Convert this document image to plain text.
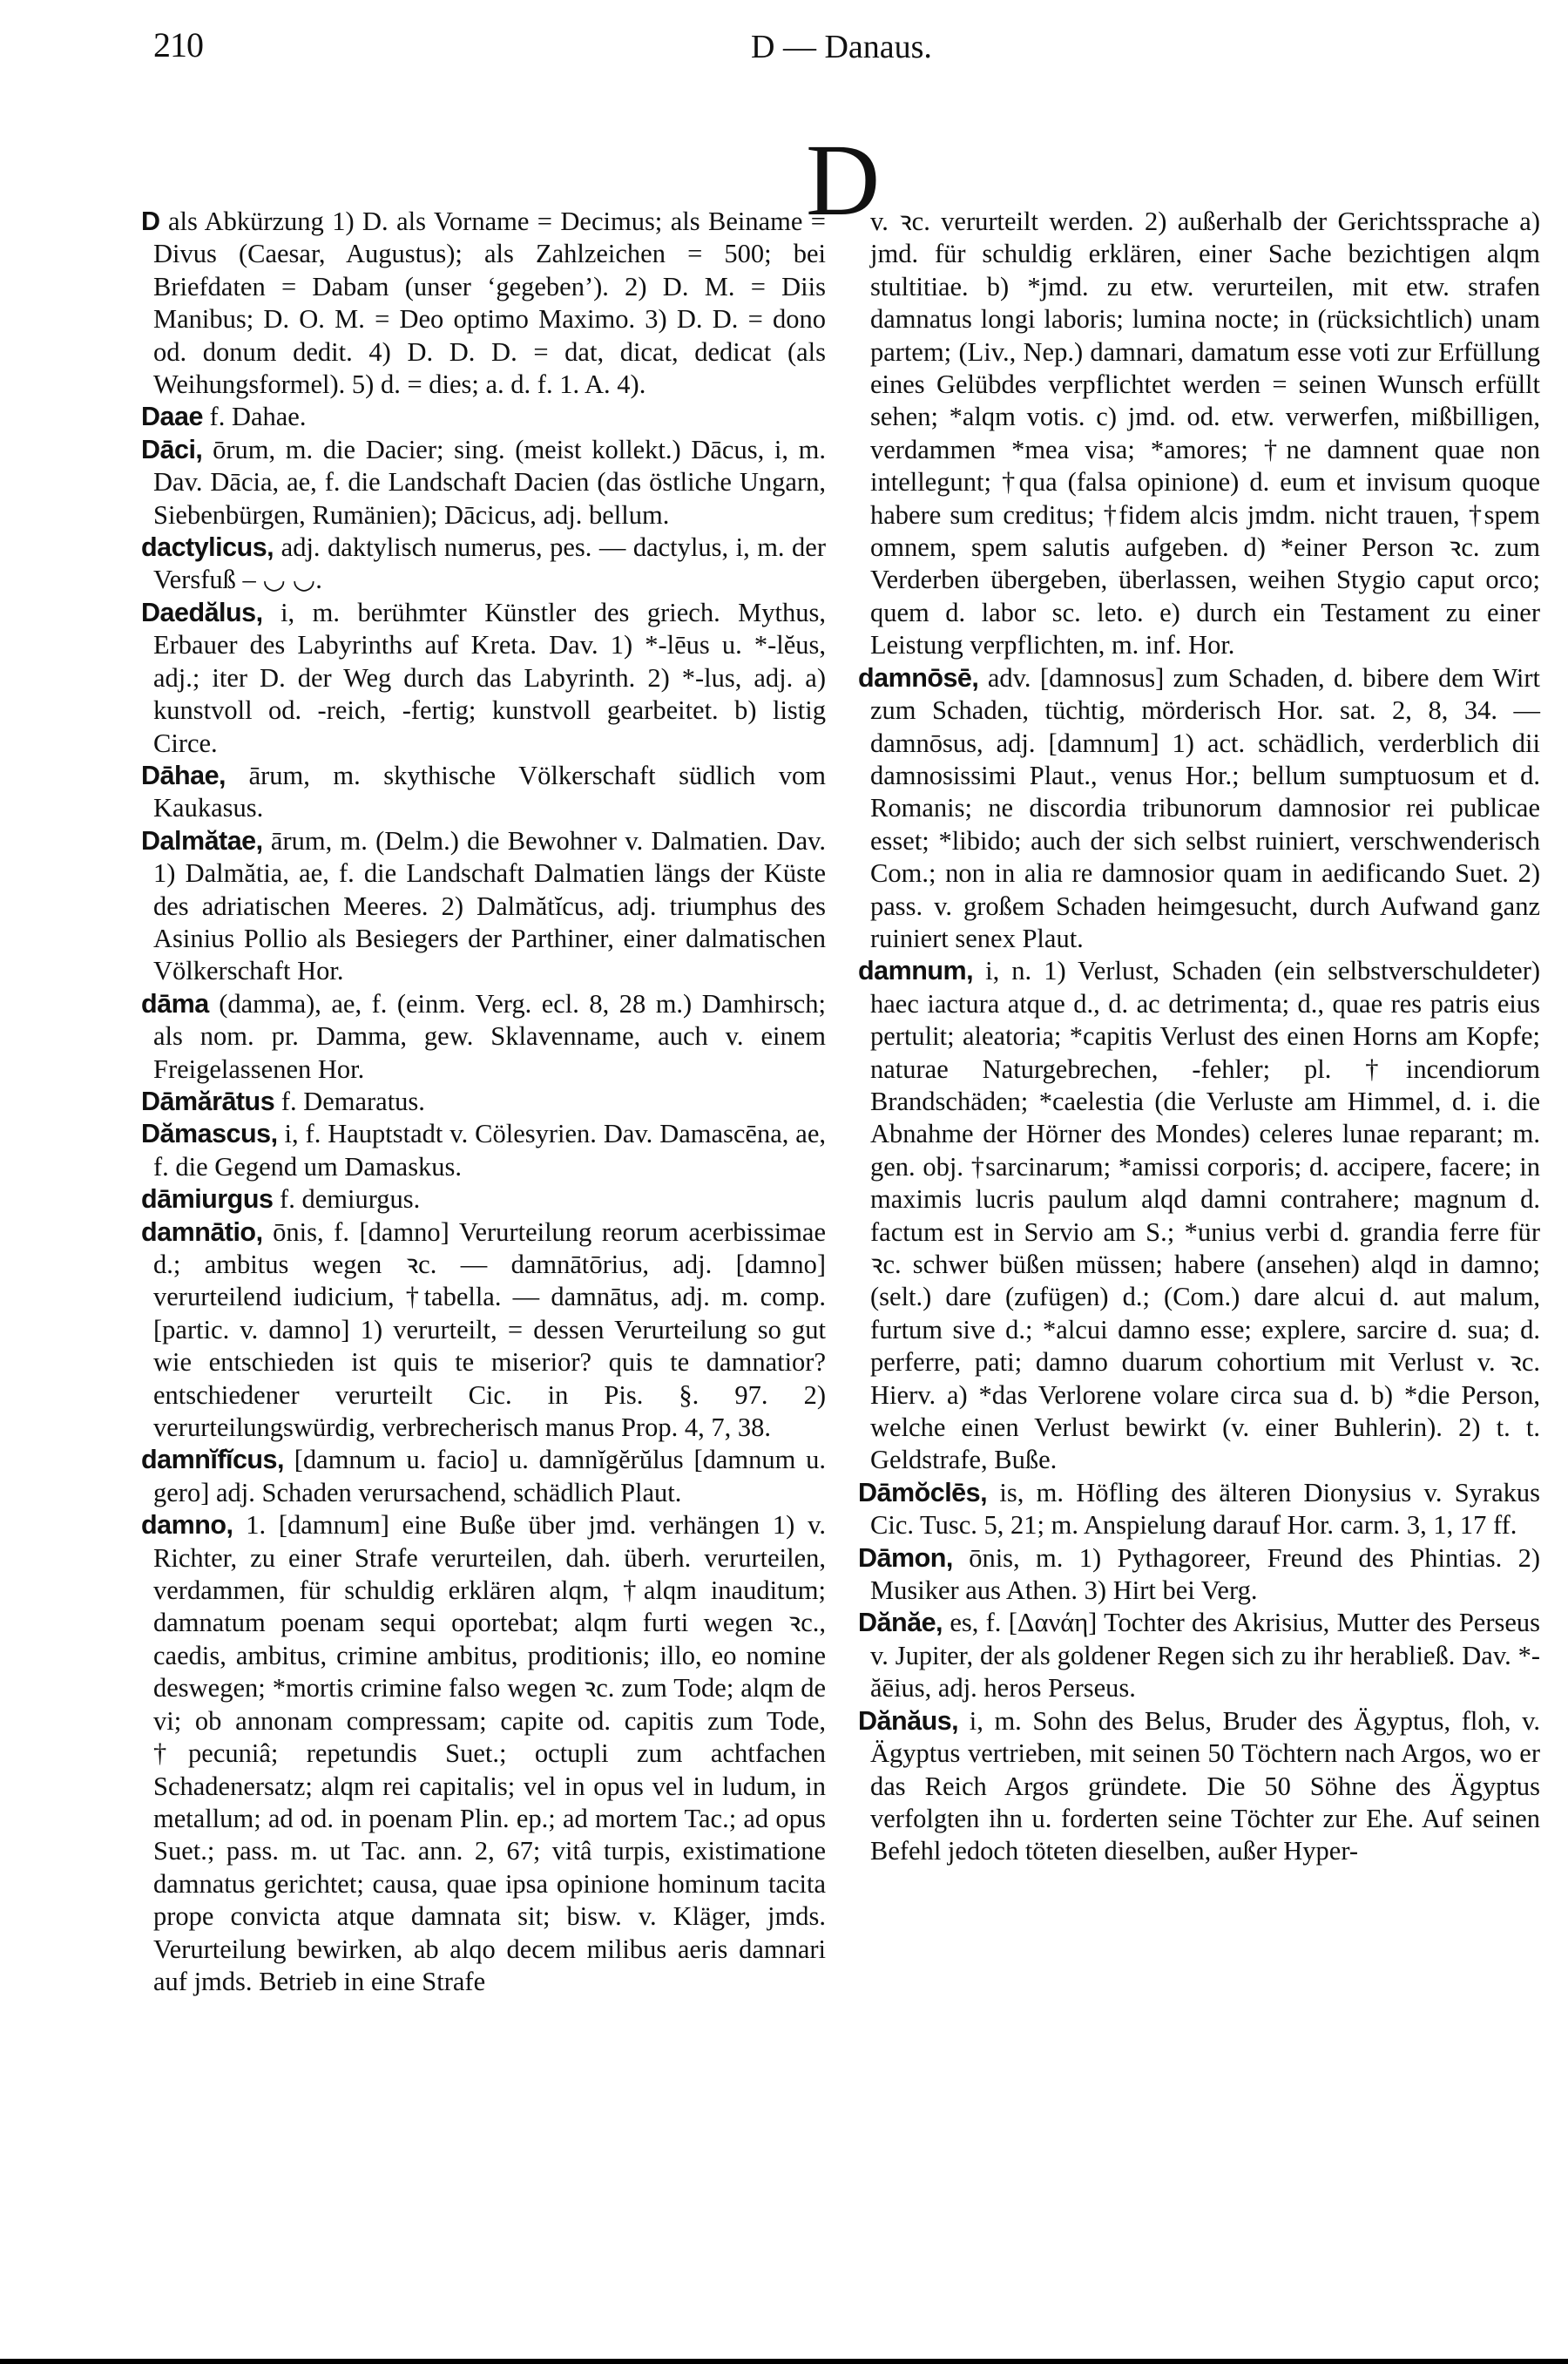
210	D — Danaus.
D

D als Abkürzung 1) D. als Vorname = Decimus; als Beiname = Divus (Caesar, Augustus); als Zahlzeichen = 500; bei Briefdaten = Dabam (unser ‘gegeben’). 2) D. M. = Diis Manibus; D. O. M. = Deo optimo Maximo. 3) D. D. = dono od. donum dedit. 4) D. D. D. = dat, dicat, dedicat (als Weihungsformel). 5) d. = dies; a. d. f. 1. A. 4).

Daae f. Dahae.

Dāci, ōrum, m. die Dacier; sing. (meist kollekt.) Dācus, i, m. Dav. Dācia, ae, f. die Landschaft Dacien (das östliche Ungarn, Siebenbürgen, Rumänien); Dācicus, adj. bellum.

dactylicus, adj. daktylisch numerus, pes. — dactylus, i, m. der Versfuß – ◡ ◡.

Daedălus, i, m. berühmter Künstler des griech. Mythus, Erbauer des Labyrinths auf Kreta. Dav. 1) *-lēus u. *-lĕus, adj.; iter D. der Weg durch das Labyrinth. 2) *-lus, adj. a) kunstvoll od. -reich, -fertig; kunstvoll gearbeitet. b) listig Circe.

Dāhae, ārum, m. skythische Völkerschaft südlich vom Kaukasus.

Dalmătae, ārum, m. (Delm.) die Bewohner v. Dalmatien. Dav. 1) Dalmătia, ae, f. die Landschaft Dalmatien längs der Küste des adriatischen Meeres. 2) Dalmătĭcus, adj. triumphus des Asinius Pollio als Besiegers der Parthiner, einer dalmatischen Völkerschaft Hor.

dāma (damma), ae, f. (einm. Verg. ecl. 8, 28 m.) Damhirsch; als nom. pr. Damma, gew. Sklavenname, auch v. einem Freigelassenen Hor.

Dāmărātus f. Demaratus.

Dămascus, i, f. Hauptstadt v. Cölesyrien. Dav. Damascēna, ae, f. die Gegend um Damaskus.

dāmiurgus f. demiurgus.

damnātio, ōnis, f. [damno] Verurteilung reorum acerbissimae d.; ambitus wegen ꝛc. — damnātōrius, adj. [damno] verurteilend iudicium, †tabella. — damnātus, adj. m. comp. [partic. v. damno] 1) verurteilt, = dessen Verurteilung so gut wie entschieden ist quis te miserior? quis te damnatior? entschiedener verurteilt Cic. in Pis. §. 97. 2) verurteilungswürdig, verbrecherisch manus Prop. 4, 7, 38.

damnĭfĭcus, [damnum u. facio] u. damnĭgĕrŭlus [damnum u. gero] adj. Schaden verursachend, schädlich Plaut.

damno, 1. [damnum] eine Buße über jmd. verhängen 1) v. Richter, zu einer Strafe verurteilen, dah. überh. verurteilen, verdammen, für schuldig erklären alqm, †alqm inauditum; damnatum poenam sequi oportebat; alqm furti wegen ꝛc., caedis, ambitus, crimine ambitus, proditionis; illo, eo nomine deswegen; *mortis crimine falso wegen ꝛc. zum Tode; alqm de vi; ob annonam compressam; capite od. capitis zum Tode, †pecuniâ; repetundis Suet.; octupli zum achtfachen Schadenersatz; alqm rei capitalis; vel in opus vel in ludum, in metallum; ad od. in poenam Plin. ep.; ad mortem Tac.; ad opus Suet.; pass. m. ut Tac. ann. 2, 67; vitâ turpis, existimatione damnatus gerichtet; causa, quae ipsa opinione hominum tacita prope convicta atque damnata sit; bisw. v. Kläger, jmds. Verurteilung bewirken, ab alqo decem milibus aeris damnari auf jmds. Betrieb in eine Strafe

v. ꝛc. verurteilt werden. 2) außerhalb der Gerichtssprache a) jmd. für schuldig erklären, einer Sache bezichtigen alqm stultitiae. b) *jmd. zu etw. verurteilen, mit etw. strafen damnatus longi laboris; lumina nocte; in (rücksichtlich) unam partem; (Liv., Nep.) damnari, damatum esse voti zur Erfüllung eines Gelübdes verpflichtet werden = seinen Wunsch erfüllt sehen; *alqm votis. c) jmd. od. etw. verwerfen, mißbilligen, verdammen *mea visa; *amores; †ne damnent quae non intellegunt; †qua (falsa opinione) d. eum et invisum quoque habere sum creditus; †fidem alcis jmdm. nicht trauen, †spem omnem, spem salutis aufgeben. d) *einer Person ꝛc. zum Verderben übergeben, überlassen, weihen Stygio caput orco; quem d. labor sc. leto. e) durch ein Testament zu einer Leistung verpflichten, m. inf. Hor.

damnōsē, adv. [damnosus] zum Schaden, d. bibere dem Wirt zum Schaden, tüchtig, mörderisch Hor. sat. 2, 8, 34. — damnōsus, adj. [damnum] 1) act. schädlich, verderblich dii damnosissimi Plaut., venus Hor.; bellum sumptuosum et d. Romanis; ne discordia tribunorum damnosior rei publicae esset; *libido; auch der sich selbst ruiniert, verschwenderisch Com.; non in alia re damnosior quam in aedificando Suet. 2) pass. v. großem Schaden heimgesucht, durch Aufwand ganz ruiniert senex Plaut.

damnum, i, n. 1) Verlust, Schaden (ein selbstverschuldeter) haec iactura atque d., d. ac detrimenta; d., quae res patris eius pertulit; aleatoria; *capitis Verlust des einen Horns am Kopfe; naturae Naturgebrechen, -fehler; pl. †incendiorum Brandschäden; *caelestia (die Verluste am Himmel, d. i. die Abnahme der Hörner des Mondes) celeres lunae reparant; m. gen. obj. †sarcinarum; *amissi corporis; d. accipere, facere; in maximis lucris paulum alqd damni contrahere; magnum d. factum est in Servio am S.; *unius verbi d. grandia ferre für ꝛc. schwer büßen müssen; habere (ansehen) alqd in damno; (selt.) dare (zufügen) d.; (Com.) dare alcui d. aut malum, furtum sive d.; *alcui damno esse; explere, sarcire d. sua; d. perferre, pati; damno duarum cohortium mit Verlust v. ꝛc. Hierv. a) *das Verlorene volare circa sua d. b) *die Person, welche einen Verlust bewirkt (v. einer Buhlerin). 2) t. t. Geldstrafe, Buße.

Dāmŏclēs, is, m. Höfling des älteren Dionysius v. Syrakus Cic. Tusc. 5, 21; m. Anspielung darauf Hor. carm. 3, 1, 17 ff.

Dāmon, ōnis, m. 1) Pythagoreer, Freund des Phintias. 2) Musiker aus Athen. 3) Hirt bei Verg.

Dănăe, es, f. [Δανάη] Tochter des Akrisius, Mutter des Perseus v. Jupiter, der als goldener Regen sich zu ihr herabließ. Dav. *-ăēius, adj. heros Perseus.

Dănăus, i, m. Sohn des Belus, Bruder des Ägyptus, floh, v. Ägyptus vertrieben, mit seinen 50 Töchtern nach Argos, wo er das Reich Argos gründete. Die 50 Söhne des Ägyptus verfolgten ihn u. forderten seine Töchter zur Ehe. Auf seinen Befehl jedoch töteten dieselben, außer Hyper-
